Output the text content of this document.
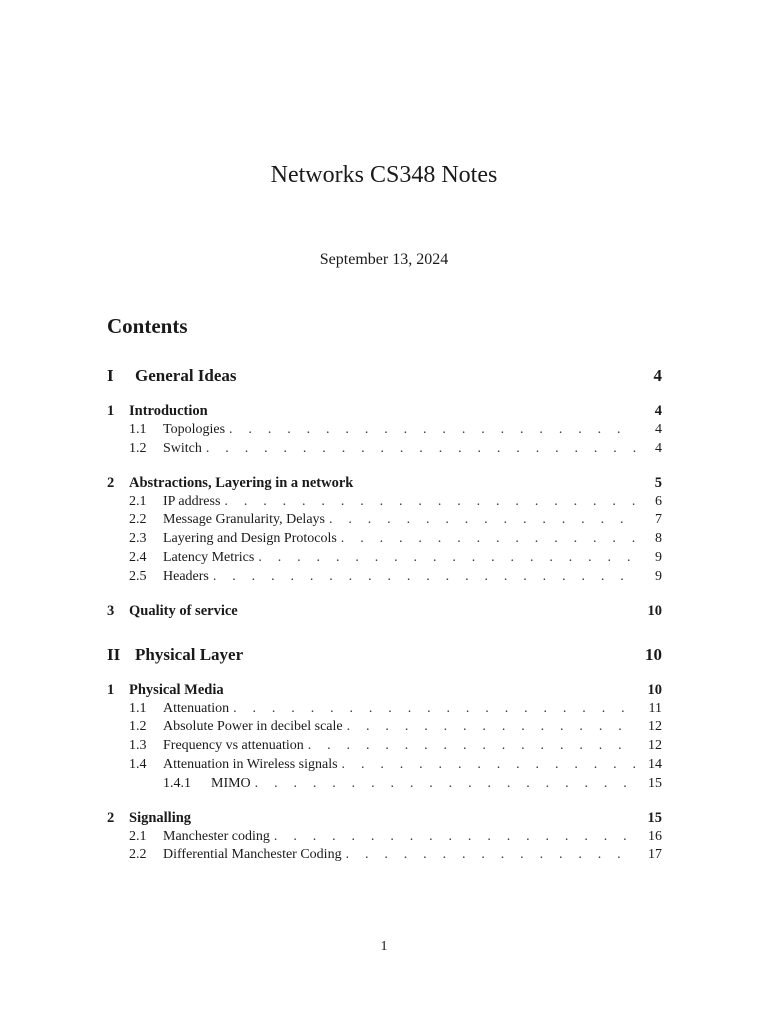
Networks CS348 Notes
September 13, 2024
Contents
I	General Ideas	4
1	Introduction	4
1.1	Topologies . . .	4
1.2	Switch . . .	4
2	Abstractions, Layering in a network	5
2.1	IP address . . .	6
2.2	Message Granularity, Delays . . .	7
2.3	Layering and Design Protocols . . .	8
2.4	Latency Metrics . . .	9
2.5	Headers . . .	9
3	Quality of service	10
II Physical Layer	10
1	Physical Media	10
1.1	Attenuation . . .	11
1.2	Absolute Power in decibel scale . . .	12
1.3	Frequency vs attenuation . . .	12
1.4	Attenuation in Wireless signals . . .	14
1.4.1	MIMO . . .	15
2	Signalling	15
2.1	Manchester coding . . .	16
2.2	Differential Manchester Coding . . .	17
1
